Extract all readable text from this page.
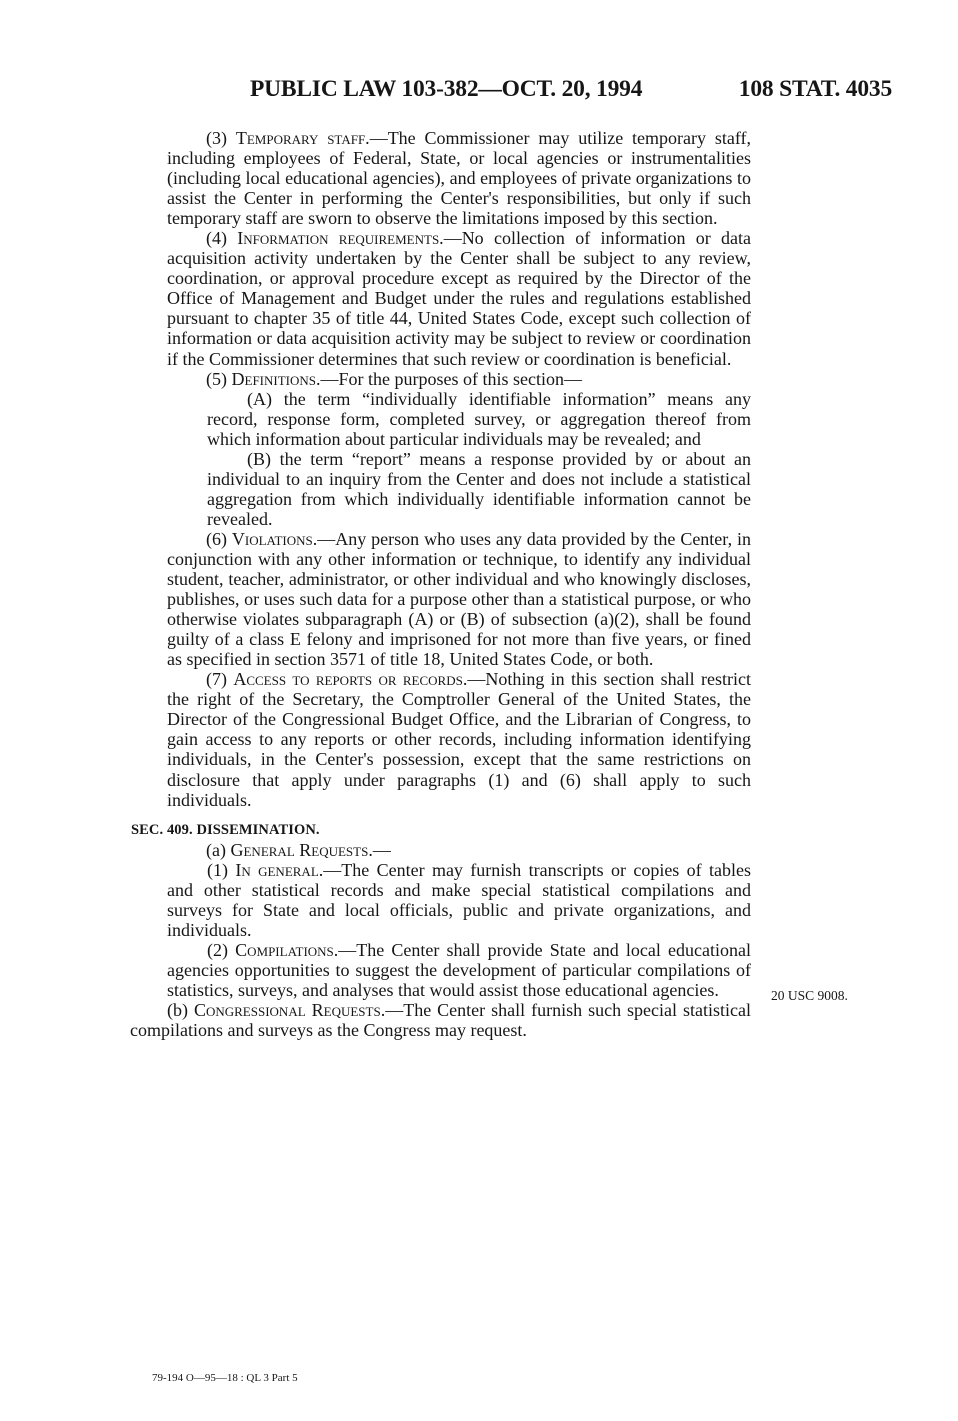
PUBLIC LAW 103-382—OCT. 20, 1994	108 STAT. 4035

(3) Temporary staff.—The Commissioner may utilize temporary staff, including employees of Federal, State, or local agencies or instrumentalities (including local educational agencies), and employees of private organizations to assist the Center in performing the Center's responsibilities, but only if such temporary staff are sworn to observe the limitations imposed by this section.

(4) Information requirements.—No collection of information or data acquisition activity undertaken by the Center shall be subject to any review, coordination, or approval procedure except as required by the Director of the Office of Management and Budget under the rules and regulations established pursuant to chapter 35 of title 44, United States Code, except such collection of information or data acquisition activity may be subject to review or coordination if the Commissioner determines that such review or coordination is beneficial.

(5) Definitions.—For the purposes of this section—

(A) the term “individually identifiable information” means any record, response form, completed survey, or aggregation thereof from which information about particular individuals may be revealed; and

(B) the term “report” means a response provided by or about an individual to an inquiry from the Center and does not include a statistical aggregation from which individually identifiable information cannot be revealed.

(6) Violations.—Any person who uses any data provided by the Center, in conjunction with any other information or technique, to identify any individual student, teacher, administrator, or other individual and who knowingly discloses, publishes, or uses such data for a purpose other than a statistical purpose, or who otherwise violates subparagraph (A) or (B) of subsection (a)(2), shall be found guilty of a class E felony and imprisoned for not more than five years, or fined as specified in section 3571 of title 18, United States Code, or both.

(7) Access to reports or records.—Nothing in this section shall restrict the right of the Secretary, the Comptroller General of the United States, the Director of the Congressional Budget Office, and the Librarian of Congress, to gain access to any reports or other records, including information identifying individuals, in the Center's possession, except that the same restrictions on disclosure that apply under paragraphs (1) and (6) shall apply to such individuals.

SEC. 409. DISSEMINATION.

(a) General Requests.—

(1) In general.—The Center may furnish transcripts or copies of tables and other statistical records and make special statistical compilations and surveys for State and local officials, public and private organizations, and individuals.

(2) Compilations.—The Center shall provide State and local educational agencies opportunities to suggest the development of particular compilations of statistics, surveys, and analyses that would assist those educational agencies.

(b) Congressional Requests.—The Center shall furnish such special statistical compilations and surveys as the Congress may request.

20 USC 9008.
79-194 O—95—18 : QL 3 Part 5
